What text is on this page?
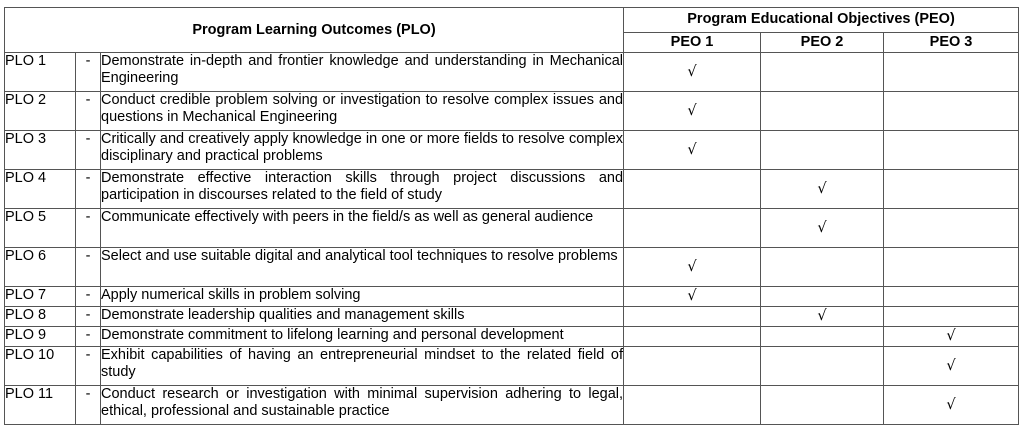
Program Learning Outcomes (PLO)			Program Educational Objectives (PEO)		
			PEO 1	PEO 2	PEO 3
PLO 1	-	Demonstrate in-depth and frontier knowledge and understanding in Mechanical Engineering	√		
PLO 2	-	Conduct credible problem solving or investigation to resolve complex issues and questions in Mechanical Engineering	√		
PLO 3	-	Critically and creatively apply knowledge in one or more fields to resolve complex disciplinary and practical problems	√		
PLO 4	-	Demonstrate effective interaction skills through project discussions and participation in discourses related to the field of study		√	
PLO 5	-	Communicate effectively with peers in the field/s as well as general audience		√	
PLO 6	-	Select and use suitable digital and analytical tool techniques to resolve problems	√		
PLO 7	-	Apply numerical skills in problem solving	√		
PLO 8	-	Demonstrate leadership qualities and management skills		√	
PLO 9	-	Demonstrate commitment to lifelong learning and personal development			√
PLO 10	-	Exhibit capabilities of having an entrepreneurial mindset to the related field of study			√
PLO 11	-	Conduct research or investigation with minimal supervision adhering to legal, ethical, professional and sustainable practice			√
